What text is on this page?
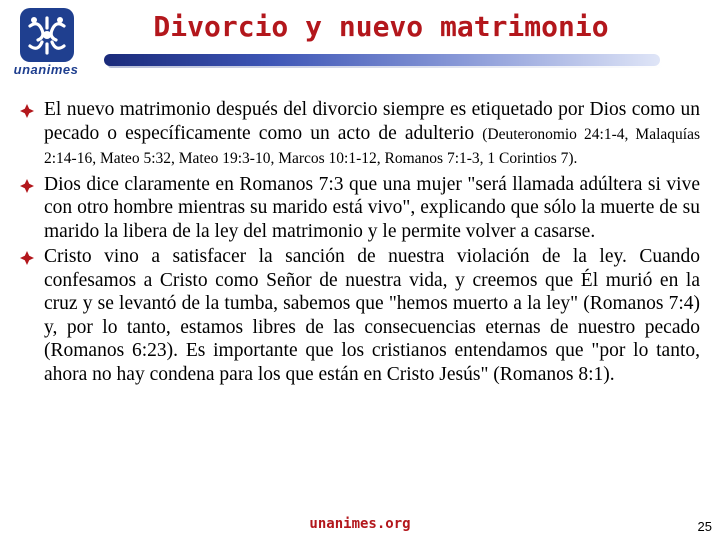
unanimes
Divorcio y nuevo matrimonio
El nuevo matrimonio después del divorcio siempre es etiquetado por Dios como un pecado o específicamente como un acto de adulterio (Deuteronomio 24:1-4, Malaquías 2:14-16, Mateo 5:32, Mateo 19:3-10, Marcos 10:1-12, Romanos 7:1-3, 1 Corintios 7).
Dios dice claramente en Romanos 7:3 que una mujer "será llamada adúltera si vive con otro hombre mientras su marido está vivo", explicando que sólo la muerte de su marido la libera de la ley del matrimonio y le permite volver a casarse.
Cristo vino a satisfacer la sanción de nuestra violación de la ley. Cuando confesamos a Cristo como Señor de nuestra vida, y creemos que Él murió en la cruz y se levantó de la tumba, sabemos que "hemos muerto a la ley" (Romanos 7:4) y, por lo tanto, estamos libres de las consecuencias eternas de nuestro pecado (Romanos 6:23). Es importante que los cristianos entendamos que "por lo tanto, ahora no hay condena para los que están en Cristo Jesús" (Romanos 8:1).
unanimes.org	25
